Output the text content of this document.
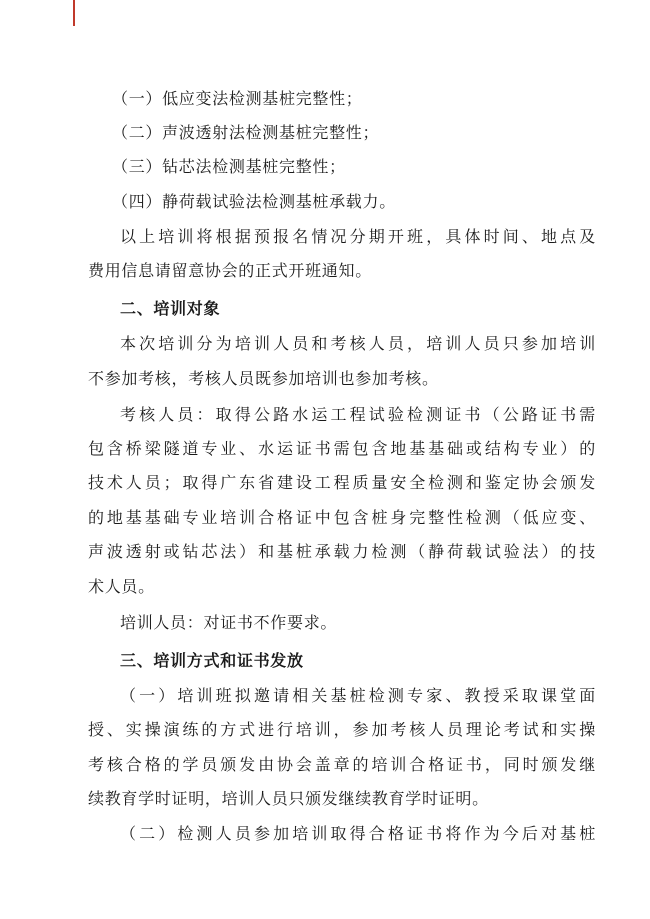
（一）低应变法检测基桩完整性；
（二）声波透射法检测基桩完整性；
（三）钻芯法检测基桩完整性；
（四）静荷载试验法检测基桩承载力。
以上培训将根据预报名情况分期开班，具体时间、地点及
费用信息请留意协会的正式开班通知。
二、培训对象
本次培训分为培训人员和考核人员，培训人员只参加培训
不参加考核，考核人员既参加培训也参加考核。
考核人员：取得公路水运工程试验检测证书（公路证书需
包含桥梁隧道专业、水运证书需包含地基基础或结构专业）的
技术人员；取得广东省建设工程质量安全检测和鉴定协会颁发
的地基基础专业培训合格证中包含桩身完整性检测（低应变、
声波透射或钻芯法）和基桩承载力检测（静荷载试验法）的技
术人员。
培训人员：对证书不作要求。
三、培训方式和证书发放
（一）培训班拟邀请相关基桩检测专家、教授采取课堂面
授、实操演练的方式进行培训，参加考核人员理论考试和实操
考核合格的学员颁发由协会盖章的培训合格证书，同时颁发继
续教育学时证明，培训人员只颁发继续教育学时证明。
（二）检测人员参加培训取得合格证书将作为今后对基桩
